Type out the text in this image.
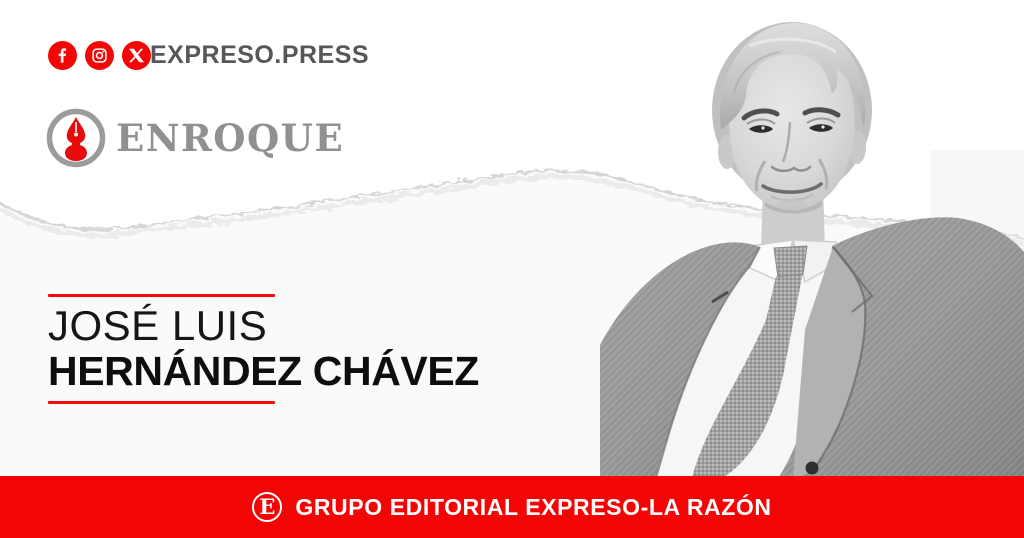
EXPRESO.PRESS
ENROQUE
JOSÉ LUIS
HERNÁNDEZ CHÁVEZ
E GRUPO EDITORIAL EXPRESO-LA RAZÓN
